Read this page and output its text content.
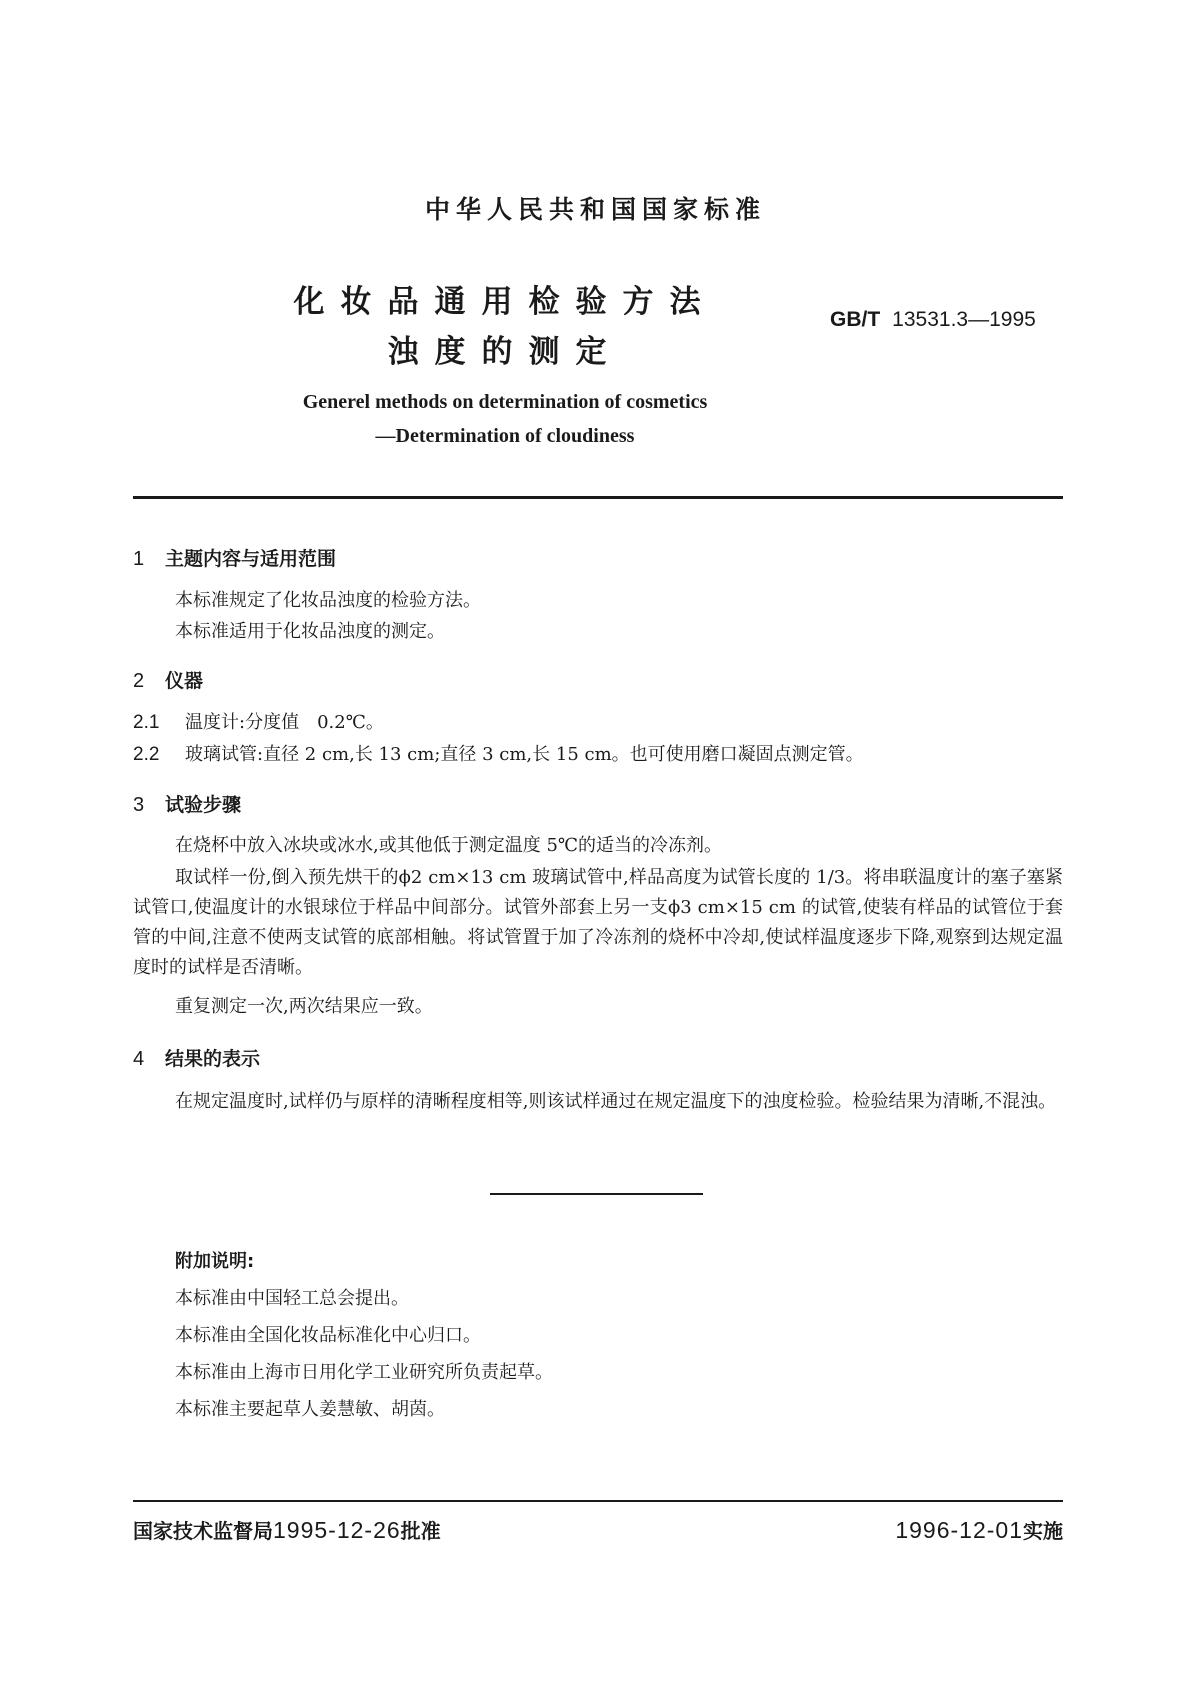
中华人民共和国国家标准
化妆品通用检验方法
浊度的测定
GB/T 13531.3—1995
Generel methods on determination of cosmetics
—Determination of cloudiness
1 主题内容与适用范围
本标准规定了化妆品浊度的检验方法。
本标准适用于化妆品浊度的测定。
2 仪器
2.1 温度计:分度值　0.2℃。
2.2 玻璃试管:直径 2 cm,长 13 cm;直径 3 cm,长 15 cm。也可使用磨口凝固点测定管。
3 试验步骤
在烧杯中放入冰块或冰水,或其他低于测定温度 5℃的适当的冷冻剂。
取试样一份,倒入预先烘干的ϕ2 cm×13 cm 玻璃试管中,样品高度为试管长度的 1/3。将串联温度计的塞子塞紧试管口,使温度计的水银球位于样品中间部分。试管外部套上另一支ϕ3 cm×15 cm 的试管,使装有样品的试管位于套管的中间,注意不使两支试管的底部相触。将试管置于加了冷冻剂的烧杯中冷却,使试样温度逐步下降,观察到达规定温度时的试样是否清晰。
重复测定一次,两次结果应一致。
4 结果的表示
在规定温度时,试样仍与原样的清晰程度相等,则该试样通过在规定温度下的浊度检验。检验结果为清晰,不混浊。
附加说明:
本标准由中国轻工总会提出。
本标准由全国化妆品标准化中心归口。
本标准由上海市日用化学工业研究所负责起草。
本标准主要起草人姜慧敏、胡茵。
国家技术监督局1995-12-26批准	1996-12-01实施
